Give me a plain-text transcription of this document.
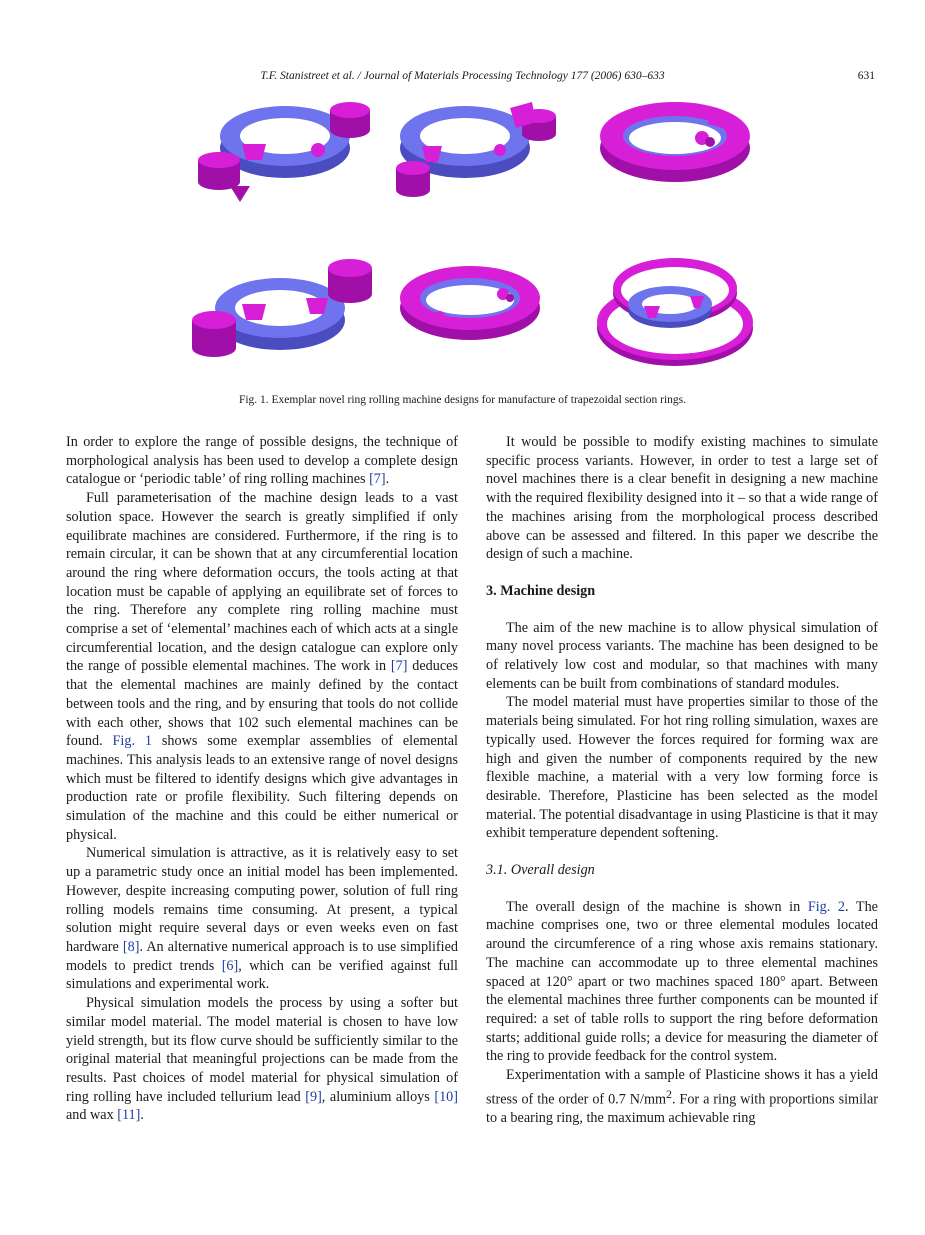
T.F. Stanistreet et al. / Journal of Materials Processing Technology 177 (2006) 630–633	631
Fig. 1. Exemplar novel ring rolling machine designs for manufacture of trapezoidal section rings.

In order to explore the range of possible designs, the technique of morphological analysis has been used to develop a complete design catalogue or ‘periodic table’ of ring rolling machines [7].

Full parameterisation of the machine design leads to a vast solution space. However the search is greatly simplified if only equilibrate machines are considered. Furthermore, if the ring is to remain circular, it can be shown that at any circumferential location around the ring where deformation occurs, the tools acting at that location must be capable of applying an equilibrate set of forces to the ring. Therefore any complete ring rolling machine must comprise a set of ‘elemental’ machines each of which acts at a single circumferential location, and the design catalogue can explore only the range of possible elemental machines. The work in [7] deduces that the elemental machines are mainly defined by the contact between tools and the ring, and by ensuring that tools do not collide with each other, shows that 102 such elemental machines can be found. Fig. 1 shows some exemplar assemblies of elemental machines. This analysis leads to an extensive range of novel designs which must be filtered to identify designs which give advantages in production rate or profile flexibility. Such filtering depends on simulation of the machine and this could be either numerical or physical.

Numerical simulation is attractive, as it is relatively easy to set up a parametric study once an initial model has been implemented. However, despite increasing computing power, solution of full ring rolling models remains time consuming. At present, a typical solution might require several days or even weeks even on fast hardware [8]. An alternative numerical approach is to use simplified models to predict trends [6], which can be verified against full simulations and experimental work.

Physical simulation models the process by using a softer but similar model material. The model material is chosen to have low yield strength, but its flow curve should be sufficiently similar to the original material that meaningful projections can be made from the results. Past choices of model material for physical simulation of ring rolling have included tellurium lead [9], aluminium alloys [10] and wax [11].

It would be possible to modify existing machines to simulate specific process variants. However, in order to test a large set of novel machines there is a clear benefit in designing a new machine with the required flexibility designed into it – so that a wide range of the machines arising from the morphological process described above can be assessed and filtered. In this paper we describe the design of such a machine.

3. Machine design

The aim of the new machine is to allow physical simulation of many novel process variants. The machine has been designed to be of relatively low cost and modular, so that machines with many elements can be built from combinations of standard modules.

The model material must have properties similar to those of the materials being simulated. For hot ring rolling simulation, waxes are typically used. However the forces required for forming wax are high and given the number of components required by the new flexible machine, a material with a very low forming force is desirable. Therefore, Plasticine has been selected as the model material. The potential disadvantage in using Plasticine is that it may exhibit temperature dependent softening.

3.1. Overall design

The overall design of the machine is shown in Fig. 2. The machine comprises one, two or three elemental modules located around the circumference of a ring whose axis remains stationary. The machine can accommodate up to three elemental machines spaced at 120° apart or two machines spaced 180° apart. Between the elemental machines three further components can be mounted if required: a set of table rolls to support the ring before deformation starts; additional guide rolls; a device for measuring the diameter of the ring to provide feedback for the control system.

Experimentation with a sample of Plasticine shows it has a yield stress of the order of 0.7 $N/mm^2$. For a ring with proportions similar to a bearing ring, the maximum achievable ring
